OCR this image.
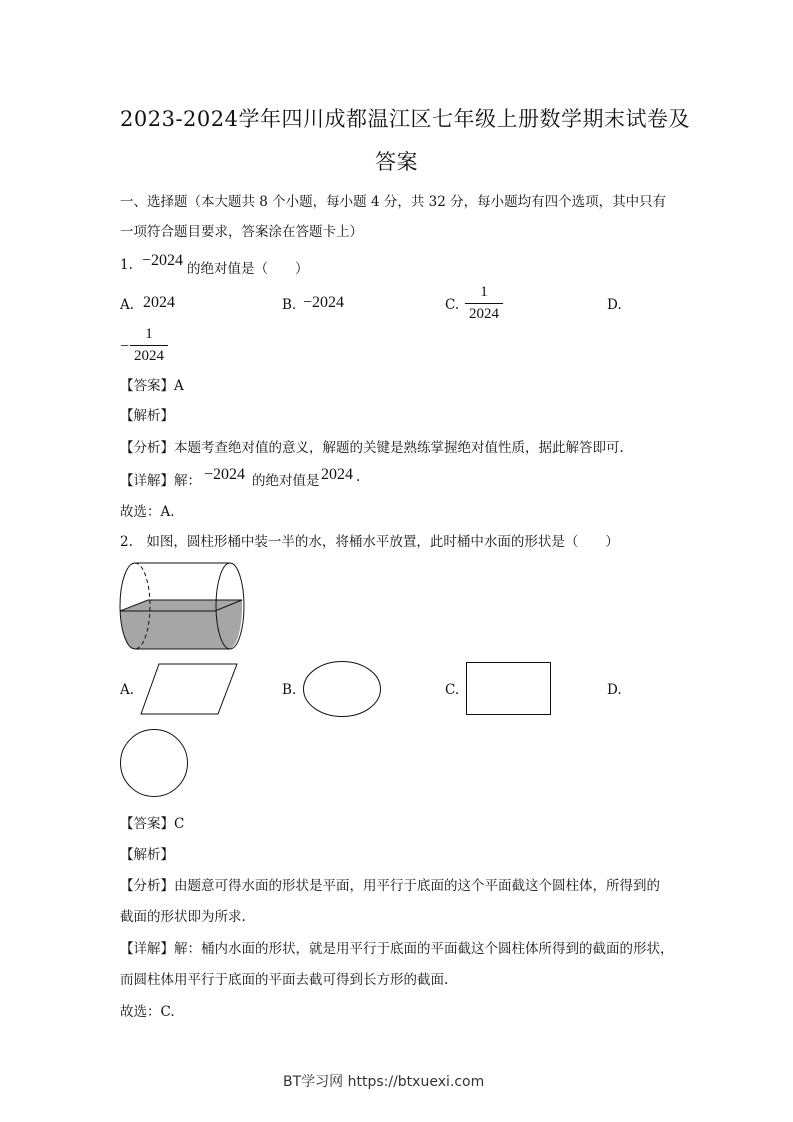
2023-2024学年四川成都温江区七年级上册数学期末试卷及
答案
一、选择题（本大题共 8 个小题，每小题 4 分，共 32 分，每小题均有四个选项，其中只有
一项符合题目要求，答案涂在答题卡上）
1. −2024 的绝对值是（　　）
A. 2024	B. −2024	C.
1
2024
D.
−
1
2024
【答案】A
【解析】
【分析】本题考查绝对值的意义，解题的关键是熟练掌握绝对值性质，据此解答即可.
【详解】解： −2024 的绝对值是 2024 .
故选：A.
2.　如图，圆柱形桶中装一半的水，将桶水平放置，此时桶中水面的形状是（　　）
A.	B.	C.	D.
【答案】C
【解析】
【分析】由题意可得水面的形状是平面，用平行于底面的这个平面截这个圆柱体，所得到的
截面的形状即为所求.
【详解】解：桶内水面的形状，就是用平行于底面的平面截这个圆柱体所得到的截面的形状，
而圆柱体用平行于底面的平面去截可得到长方形的截面.
故选：C.
BT学习网 https://btxuexi.com
